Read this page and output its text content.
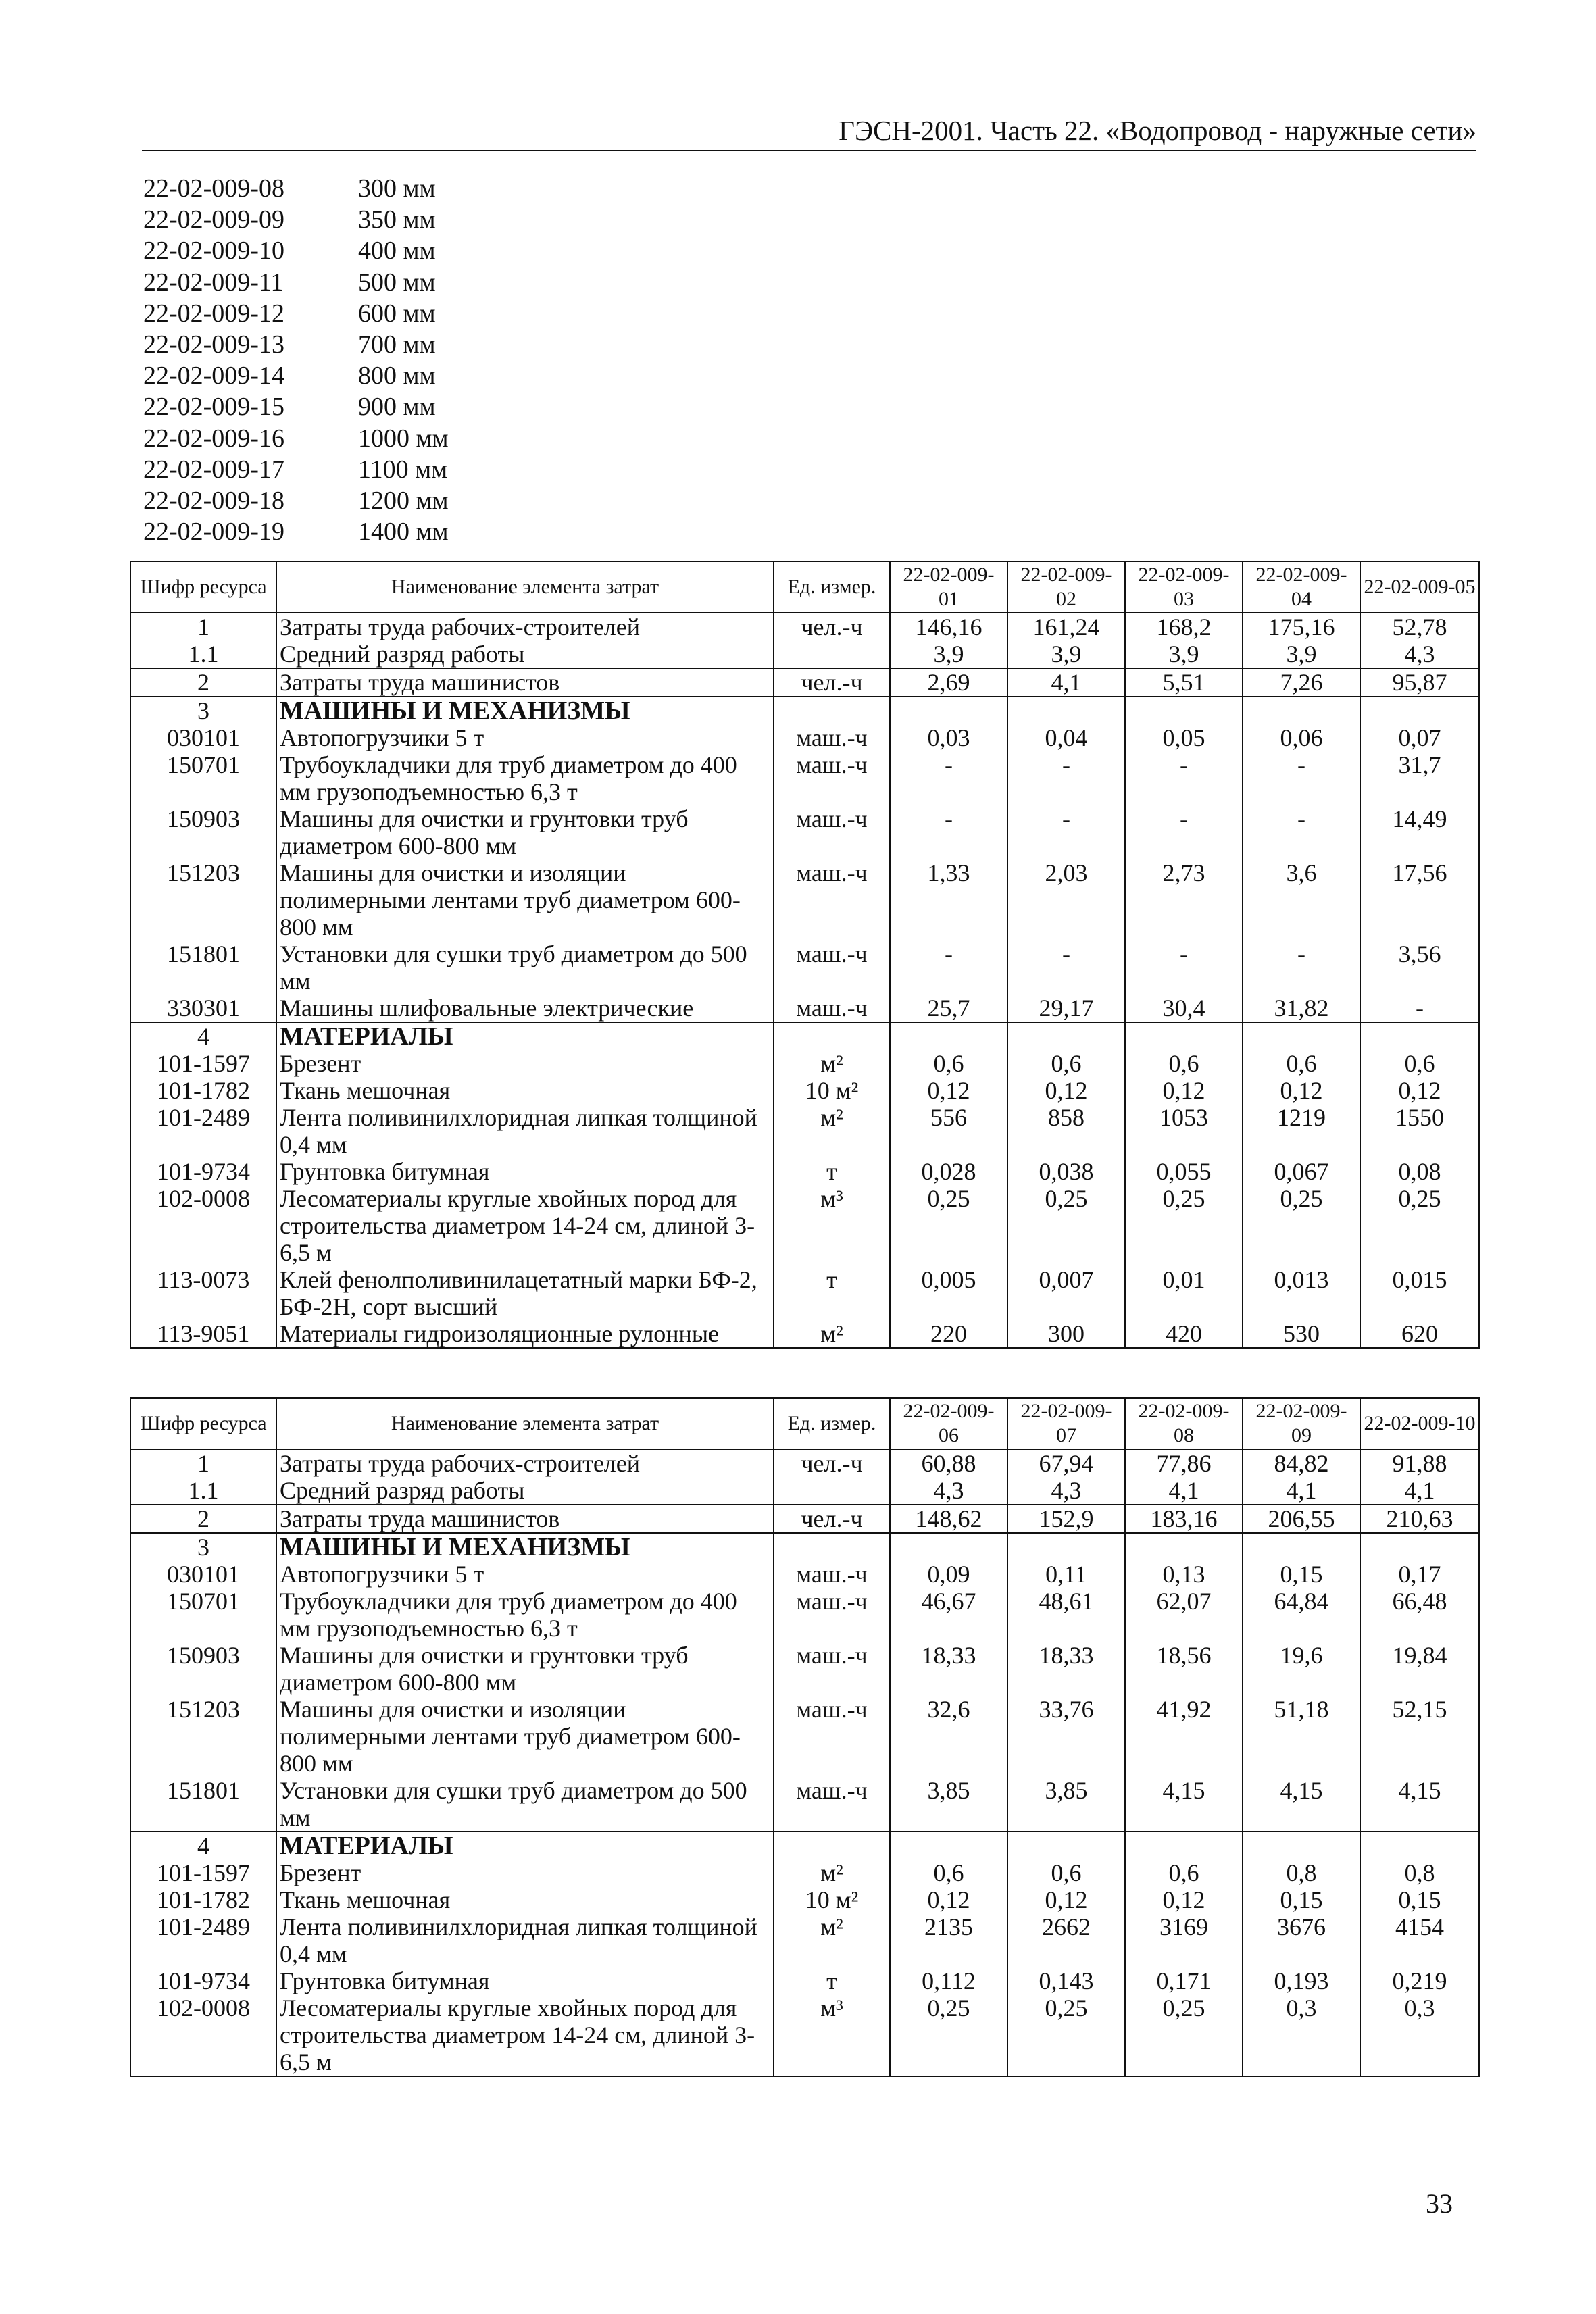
ГЭСН-2001. Часть 22. «Водопровод - наружные сети»
22-02-009-08	300 мм
22-02-009-09	350 мм
22-02-009-10	400 мм
22-02-009-11	500 мм
22-02-009-12	600 мм
22-02-009-13	700 мм
22-02-009-14	800 мм
22-02-009-15	900 мм
22-02-009-16	1000 мм
22-02-009-17	1100 мм
22-02-009-18	1200 мм
22-02-009-19	1400 мм
Шифр ресурса	Наименование элемента затрат	Ед. измер.	22-02-009-01	22-02-009-02	22-02-009-03	22-02-009-04	22-02-009-05
1	Затраты труда рабочих-строителей	чел.-ч	146,16	161,24	168,2	175,16	52,78
1.1	Средний разряд работы		3,9	3,9	3,9	3,9	4,3
2	Затраты труда машинистов	чел.-ч	2,69	4,1	5,51	7,26	95,87
3	МАШИНЫ И МЕХАНИЗМЫ						
030101	Автопогрузчики 5 т	маш.-ч	0,03	0,04	0,05	0,06	0,07
150701	Трубоукладчики для труб диаметром до 400 мм грузоподъемностью 6,3 т	маш.-ч	-	-	-	-	31,7
150903	Машины для очистки и грунтовки труб диаметром 600-800 мм	маш.-ч	-	-	-	-	14,49
151203	Машины для очистки и изоляции полимерными лентами труб диаметром 600-800 мм	маш.-ч	1,33	2,03	2,73	3,6	17,56
151801	Установки для сушки труб диаметром до 500 мм	маш.-ч	-	-	-	-	3,56
330301	Машины шлифовальные электрические	маш.-ч	25,7	29,17	30,4	31,82	-
4	МАТЕРИАЛЫ						
101-1597	Брезент	м²	0,6	0,6	0,6	0,6	0,6
101-1782	Ткань мешочная	10 м²	0,12	0,12	0,12	0,12	0,12
101-2489	Лента поливинилхлоридная липкая толщиной 0,4 мм	м²	556	858	1053	1219	1550
101-9734	Грунтовка битумная	т	0,028	0,038	0,055	0,067	0,08
102-0008	Лесоматериалы круглые хвойных пород для строительства диаметром 14-24 см, длиной 3-6,5 м	м³	0,25	0,25	0,25	0,25	0,25
113-0073	Клей фенолполивинилацетатный марки БФ-2, БФ-2Н, сорт высший	т	0,005	0,007	0,01	0,013	0,015
113-9051	Материалы гидроизоляционные рулонные	м²	220	300	420	530	620
Шифр ресурса	Наименование элемента затрат	Ед. измер.	22-02-009-06	22-02-009-07	22-02-009-08	22-02-009-09	22-02-009-10
1	Затраты труда рабочих-строителей	чел.-ч	60,88	67,94	77,86	84,82	91,88
1.1	Средний разряд работы		4,3	4,3	4,1	4,1	4,1
2	Затраты труда машинистов	чел.-ч	148,62	152,9	183,16	206,55	210,63
3	МАШИНЫ И МЕХАНИЗМЫ						
030101	Автопогрузчики 5 т	маш.-ч	0,09	0,11	0,13	0,15	0,17
150701	Трубоукладчики для труб диаметром до 400 мм грузоподъемностью 6,3 т	маш.-ч	46,67	48,61	62,07	64,84	66,48
150903	Машины для очистки и грунтовки труб диаметром 600-800 мм	маш.-ч	18,33	18,33	18,56	19,6	19,84
151203	Машины для очистки и изоляции полимерными лентами труб диаметром 600-800 мм	маш.-ч	32,6	33,76	41,92	51,18	52,15
151801	Установки для сушки труб диаметром до 500 мм	маш.-ч	3,85	3,85	4,15	4,15	4,15
4	МАТЕРИАЛЫ						
101-1597	Брезент	м²	0,6	0,6	0,6	0,8	0,8
101-1782	Ткань мешочная	10 м²	0,12	0,12	0,12	0,15	0,15
101-2489	Лента поливинилхлоридная липкая толщиной 0,4 мм	м²	2135	2662	3169	3676	4154
101-9734	Грунтовка битумная	т	0,112	0,143	0,171	0,193	0,219
102-0008	Лесоматериалы круглые хвойных пород для строительства диаметром 14-24 см, длиной 3-6,5 м	м³	0,25	0,25	0,25	0,3	0,3
33
